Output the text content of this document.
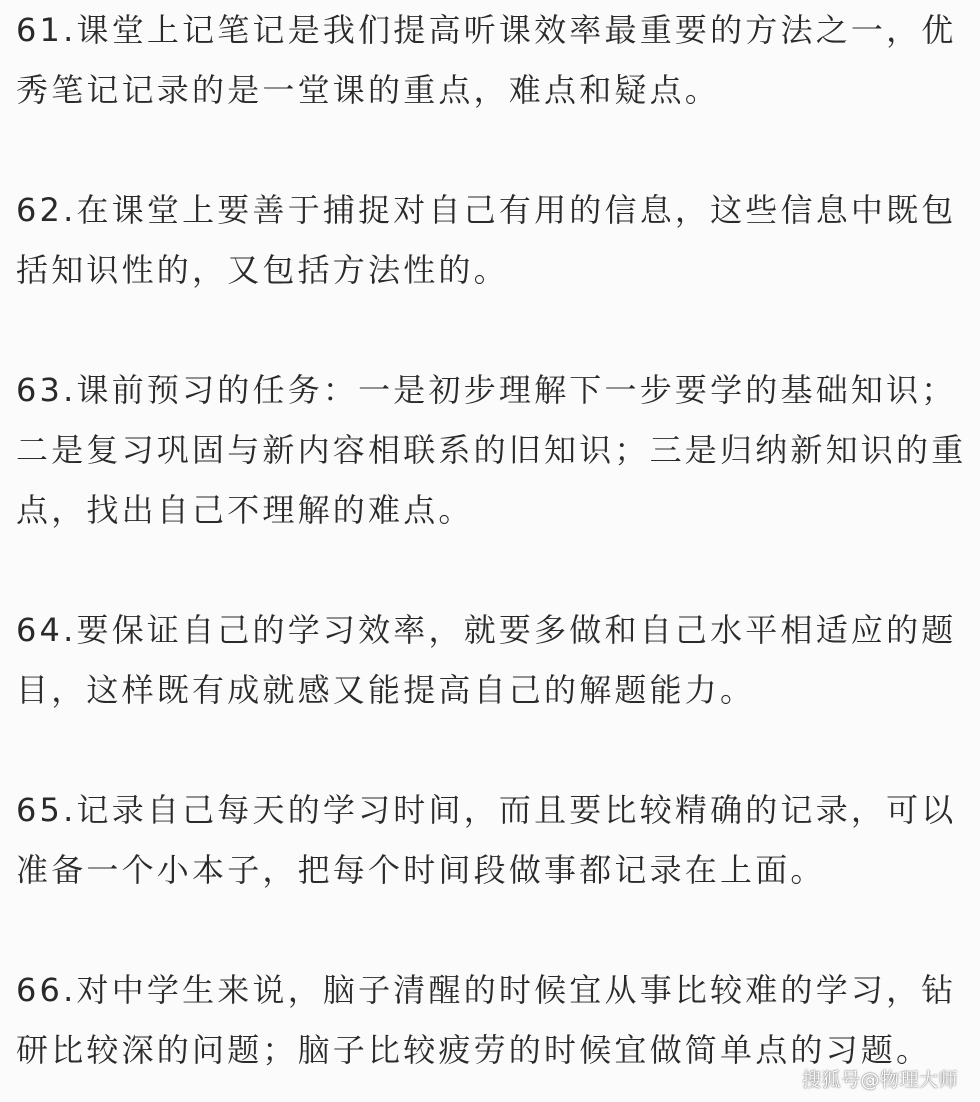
61.课堂上记笔记是我们提高听课效率最重要的方法之一，优
秀笔记记录的是一堂课的重点，难点和疑点。

62.在课堂上要善于捕捉对自己有用的信息，这些信息中既包
括知识性的，又包括方法性的。

63.课前预习的任务：一是初步理解下一步要学的基础知识；
二是复习巩固与新内容相联系的旧知识；三是归纳新知识的重
点，找出自己不理解的难点。

64.要保证自己的学习效率，就要多做和自己水平相适应的题
目，这样既有成就感又能提高自己的解题能力。

65.记录自己每天的学习时间，而且要比较精确的记录，可以
准备一个小本子，把每个时间段做事都记录在上面。

66.对中学生来说，脑子清醒的时候宜从事比较难的学习，钻
研比较深的问题；脑子比较疲劳的时候宜做简单点的习题。

搜狐号@物理大师
